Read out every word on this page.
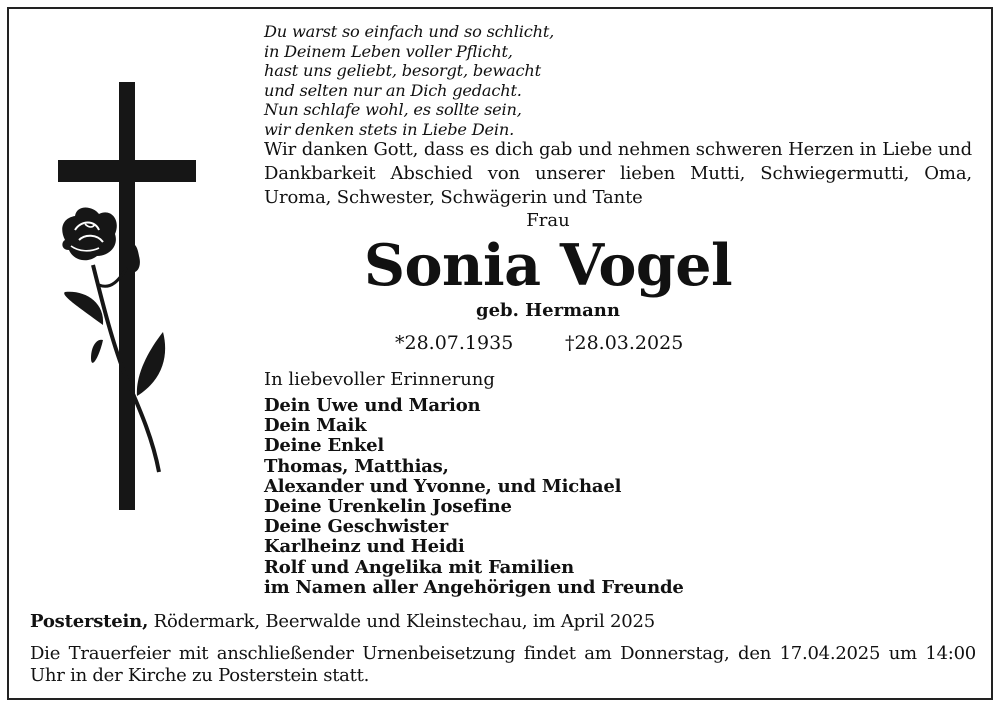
Du warst so einfach und so schlicht,
in Deinem Leben voller Pflicht,
hast uns geliebt, besorgt, bewacht
und selten nur an Dich gedacht.
Nun schlafe wohl, es sollte sein,
wir denken stets in Liebe Dein.
Wir danken Gott, dass es dich gab und nehmen schweren Herzen in Liebe und Dankbarkeit Abschied von unserer lieben Mutti, Schwiegermutti, Oma, Uroma, Schwester, Schwägerin und Tante
Frau
Sonia Vogel
geb. Hermann
*28.07.1935	†28.03.2025
In liebevoller Erinnerung
Dein Uwe und Marion
Dein Maik
Deine Enkel
Thomas, Matthias,
Alexander und Yvonne, und Michael
Deine Urenkelin Josefine
Deine Geschwister
Karlheinz und Heidi
Rolf und Angelika mit Familien
im Namen aller Angehörigen und Freunde
Posterstein, Rödermark, Beerwalde und Kleinstechau, im April 2025
Die Trauerfeier mit anschließender Urnenbeisetzung findet am Donnerstag, den 17.04.2025 um 14:00 Uhr in der Kirche zu Posterstein statt.
